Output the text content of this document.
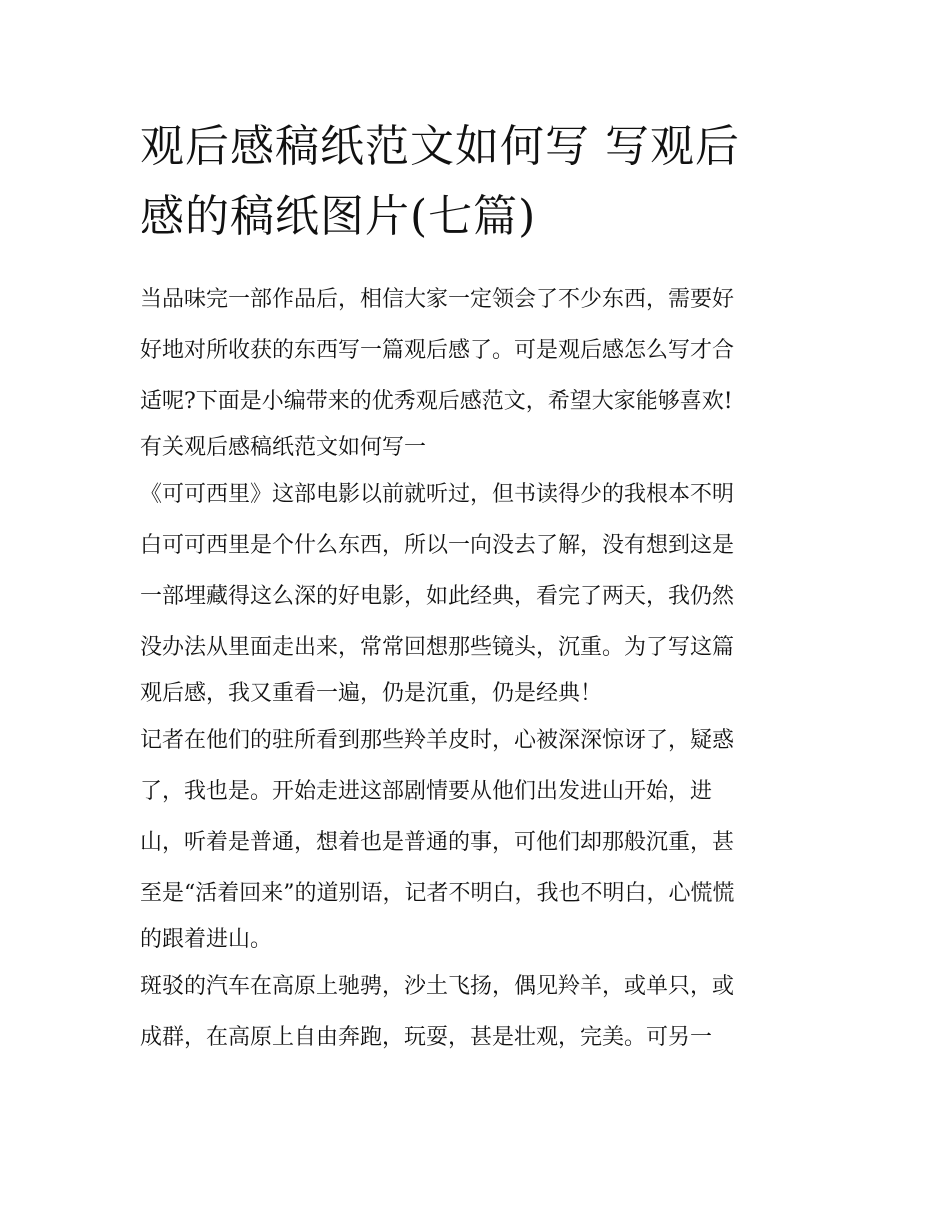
观后感稿纸范文如何写 写观后
感的稿纸图片(七篇)
当品味完一部作品后，相信大家一定领会了不少东西，需要好
好地对所收获的东西写一篇观后感了。可是观后感怎么写才合
适呢?下面是小编带来的优秀观后感范文，希望大家能够喜欢!
有关观后感稿纸范文如何写一
《可可西里》这部电影以前就听过，但书读得少的我根本不明
白可可西里是个什么东西，所以一向没去了解，没有想到这是
一部埋藏得这么深的好电影，如此经典，看完了两天，我仍然
没办法从里面走出来，常常回想那些镜头，沉重。为了写这篇
观后感，我又重看一遍，仍是沉重，仍是经典！
记者在他们的驻所看到那些羚羊皮时，心被深深惊讶了，疑惑
了，我也是。开始走进这部剧情要从他们出发进山开始，进
山，听着是普通，想着也是普通的事，可他们却那般沉重，甚
至是“活着回来”的道别语，记者不明白，我也不明白，心慌慌
的跟着进山。
斑驳的汽车在高原上驰骋，沙土飞扬，偶见羚羊，或单只，或
成群，在高原上自由奔跑，玩耍，甚是壮观，完美。可另一
